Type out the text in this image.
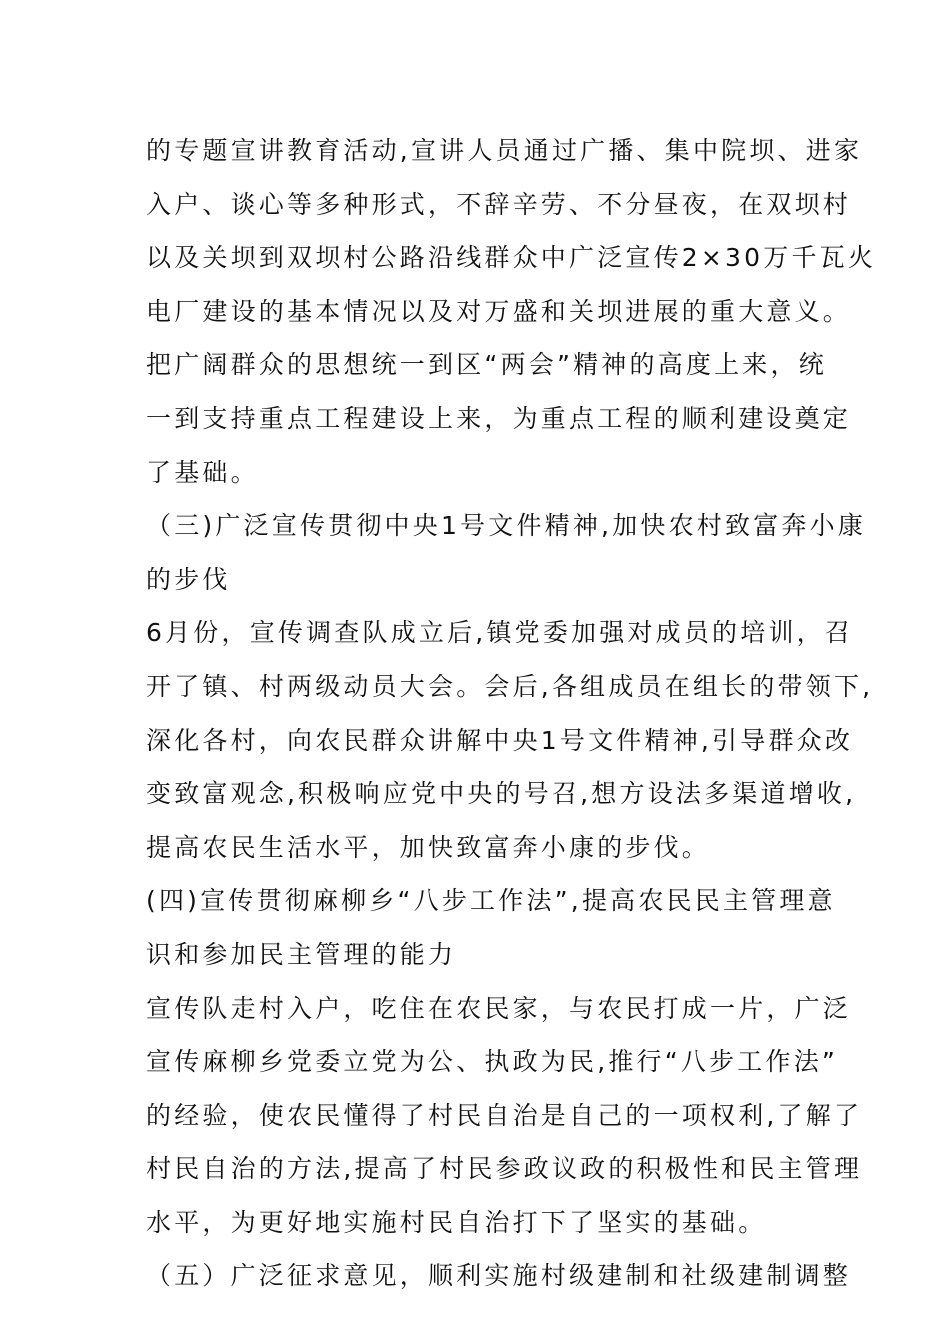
的专题宣讲教育活动,宣讲人员通过广播、集中院坝、进家
入户、谈心等多种形式，不辞辛劳、不分昼夜，在双坝村
以及关坝到双坝村公路沿线群众中广泛宣传2×30万千瓦火
电厂建设的基本情况以及对万盛和关坝进展的重大意义。
把广阔群众的思想统一到区“两会”精神的高度上来，统
一到支持重点工程建设上来，为重点工程的顺利建设奠定
了基础。
（三)广泛宣传贯彻中央1号文件精神,加快农村致富奔小康
的步伐
6月份，宣传调查队成立后,镇党委加强对成员的培训，召
开了镇、村两级动员大会。会后,各组成员在组长的带领下,
深化各村，向农民群众讲解中央1号文件精神,引导群众改
变致富观念,积极响应党中央的号召,想方设法多渠道增收,
提高农民生活水平，加快致富奔小康的步伐。
(四)宣传贯彻麻柳乡“八步工作法”,提高农民民主管理意
识和参加民主管理的能力
宣传队走村入户，吃住在农民家，与农民打成一片，广泛
宣传麻柳乡党委立党为公、执政为民,推行“八步工作法”
的经验，使农民懂得了村民自治是自己的一项权利,了解了
村民自治的方法,提高了村民参政议政的积极性和民主管理
水平，为更好地实施村民自治打下了坚实的基础。
（五）广泛征求意见，顺利实施村级建制和社级建制调整
